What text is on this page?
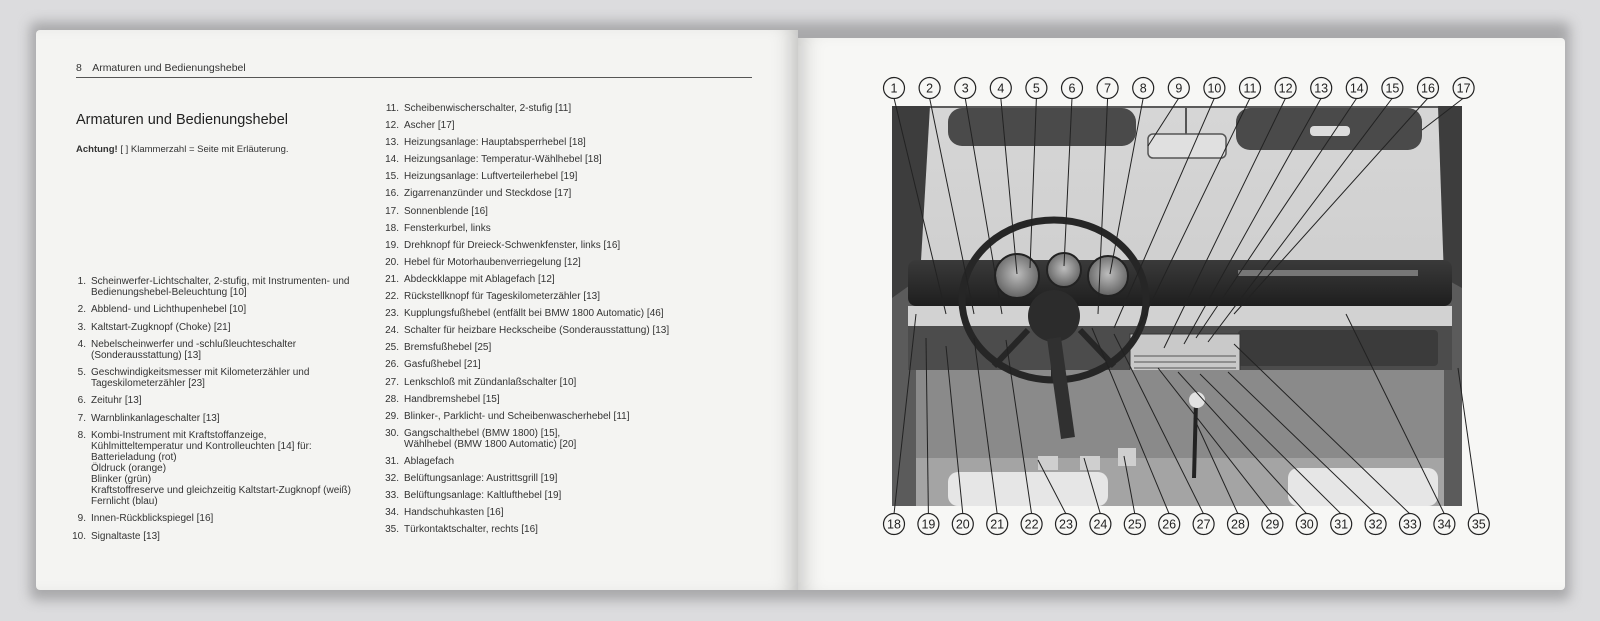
8 Armaturen und Bedienungshebel
Armaturen und Bedienungshebel
Achtung! [ ] Klammerzahl = Seite mit Erläuterung.
1. Scheinwerfer-Lichtschalter, 2-stufig, mit Instrumenten- und
Bedienungshebel-Beleuchtung [10]
2. Abblend- und Lichthupenhebel [10]
3. Kaltstart-Zugknopf (Choke) [21]
4. Nebelscheinwerfer und -schlußleuchteschalter
(Sonderausstattung) [13]
5. Geschwindigkeitsmesser mit Kilometerzähler und
Tageskilometerzähler [23]
6. Zeituhr [13]
7. Warnblinkanlageschalter [13]
8. Kombi-Instrument mit Kraftstoffanzeige,
Kühlmitteltemperatur und Kontrolleuchten [14] für:
Batterieladung (rot)
Öldruck (orange)
Blinker (grün)
Kraftstoffreserve und gleichzeitig Kaltstart-Zugknopf (weiß)
Fernlicht (blau)
9. Innen-Rückblickspiegel [16]
10. Signaltaste [13]
11. Scheibenwischerschalter, 2-stufig [11]
12. Ascher [17]
13. Heizungsanlage: Hauptabsperrhebel [18]
14. Heizungsanlage: Temperatur-Wählhebel [18]
15. Heizungsanlage: Luftverteilerhebel [19]
16. Zigarrenanzünder und Steckdose [17]
17. Sonnenblende [16]
18. Fensterkurbel, links
19. Drehknopf für Dreieck-Schwenkfenster, links [16]
20. Hebel für Motorhaubenverriegelung [12]
21. Abdeckklappe mit Ablagefach [12]
22. Rückstellknopf für Tageskilometerzähler [13]
23. Kupplungsfußhebel (entfällt bei BMW 1800 Automatic) [46]
24. Schalter für heizbare Heckscheibe (Sonderausstattung) [13]
25. Bremsfußhebel [25]
26. Gasfußhebel [21]
27. Lenkschloß mit Zündanlaßschalter [10]
28. Handbremshebel [15]
29. Blinker-, Parklicht- und Scheibenwascherhebel [11]
30. Gangschalthebel (BMW 1800) [15],
Wählhebel (BMW 1800 Automatic) [20]
31. Ablagefach
32. Belüftungsanlage: Austrittsgrill [19]
33. Belüftungsanlage: Kaltlufthebel [19]
34. Handschuhkasten [16]
35. Türkontaktschalter, rechts [16]
1 2 3 4 5 6 7 8 9 10 11 12 13 14 15 16 17
18 19 20 21 22 23 24 25 26 27 28 29 30 31 32 33 34 35
